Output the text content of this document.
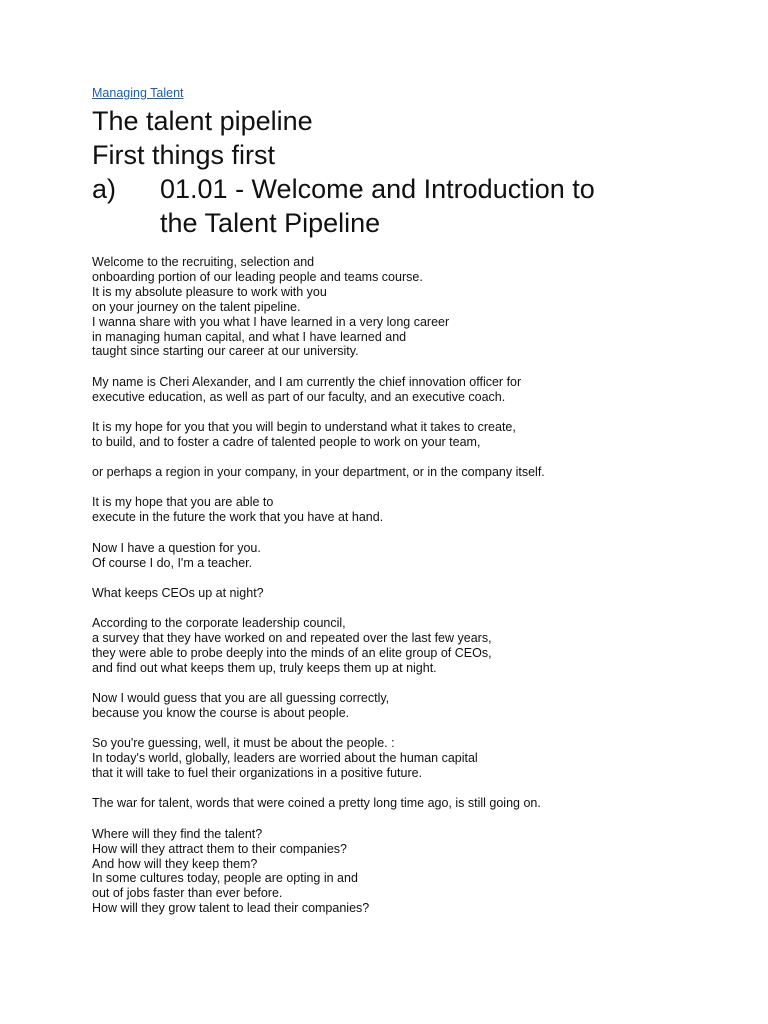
Managing Talent
The talent pipeline
First things first
a)	01.01 - Welcome and Introduction to
the Talent Pipeline

Welcome to the recruiting, selection and
onboarding portion of our leading people and teams course.
It is my absolute pleasure to work with you
on your journey on the talent pipeline.
I wanna share with you what I have learned in a very long career
in managing human capital, and what I have learned and
taught since starting our career at our university.

My name is Cheri Alexander, and I am currently the chief innovation officer for
executive education, as well as part of our faculty, and an executive coach.

It is my hope for you that you will begin to understand what it takes to create,
to build, and to foster a cadre of talented people to work on your team,

or perhaps a region in your company, in your department, or in the company itself.

It is my hope that you are able to
execute in the future the work that you have at hand.

Now I have a question for you.
Of course I do, I'm a teacher.

What keeps CEOs up at night?

According to the corporate leadership council,
a survey that they have worked on and repeated over the last few years,
they were able to probe deeply into the minds of an elite group of CEOs,
and find out what keeps them up, truly keeps them up at night.

Now I would guess that you are all guessing correctly,
because you know the course is about people.

So you're guessing, well, it must be about the people. :
In today's world, globally, leaders are worried about the human capital
that it will take to fuel their organizations in a positive future.

The war for talent, words that were coined a pretty long time ago, is still going on.

Where will they find the talent?
How will they attract them to their companies?
And how will they keep them?
In some cultures today, people are opting in and
out of jobs faster than ever before.
How will they grow talent to lead their companies?
